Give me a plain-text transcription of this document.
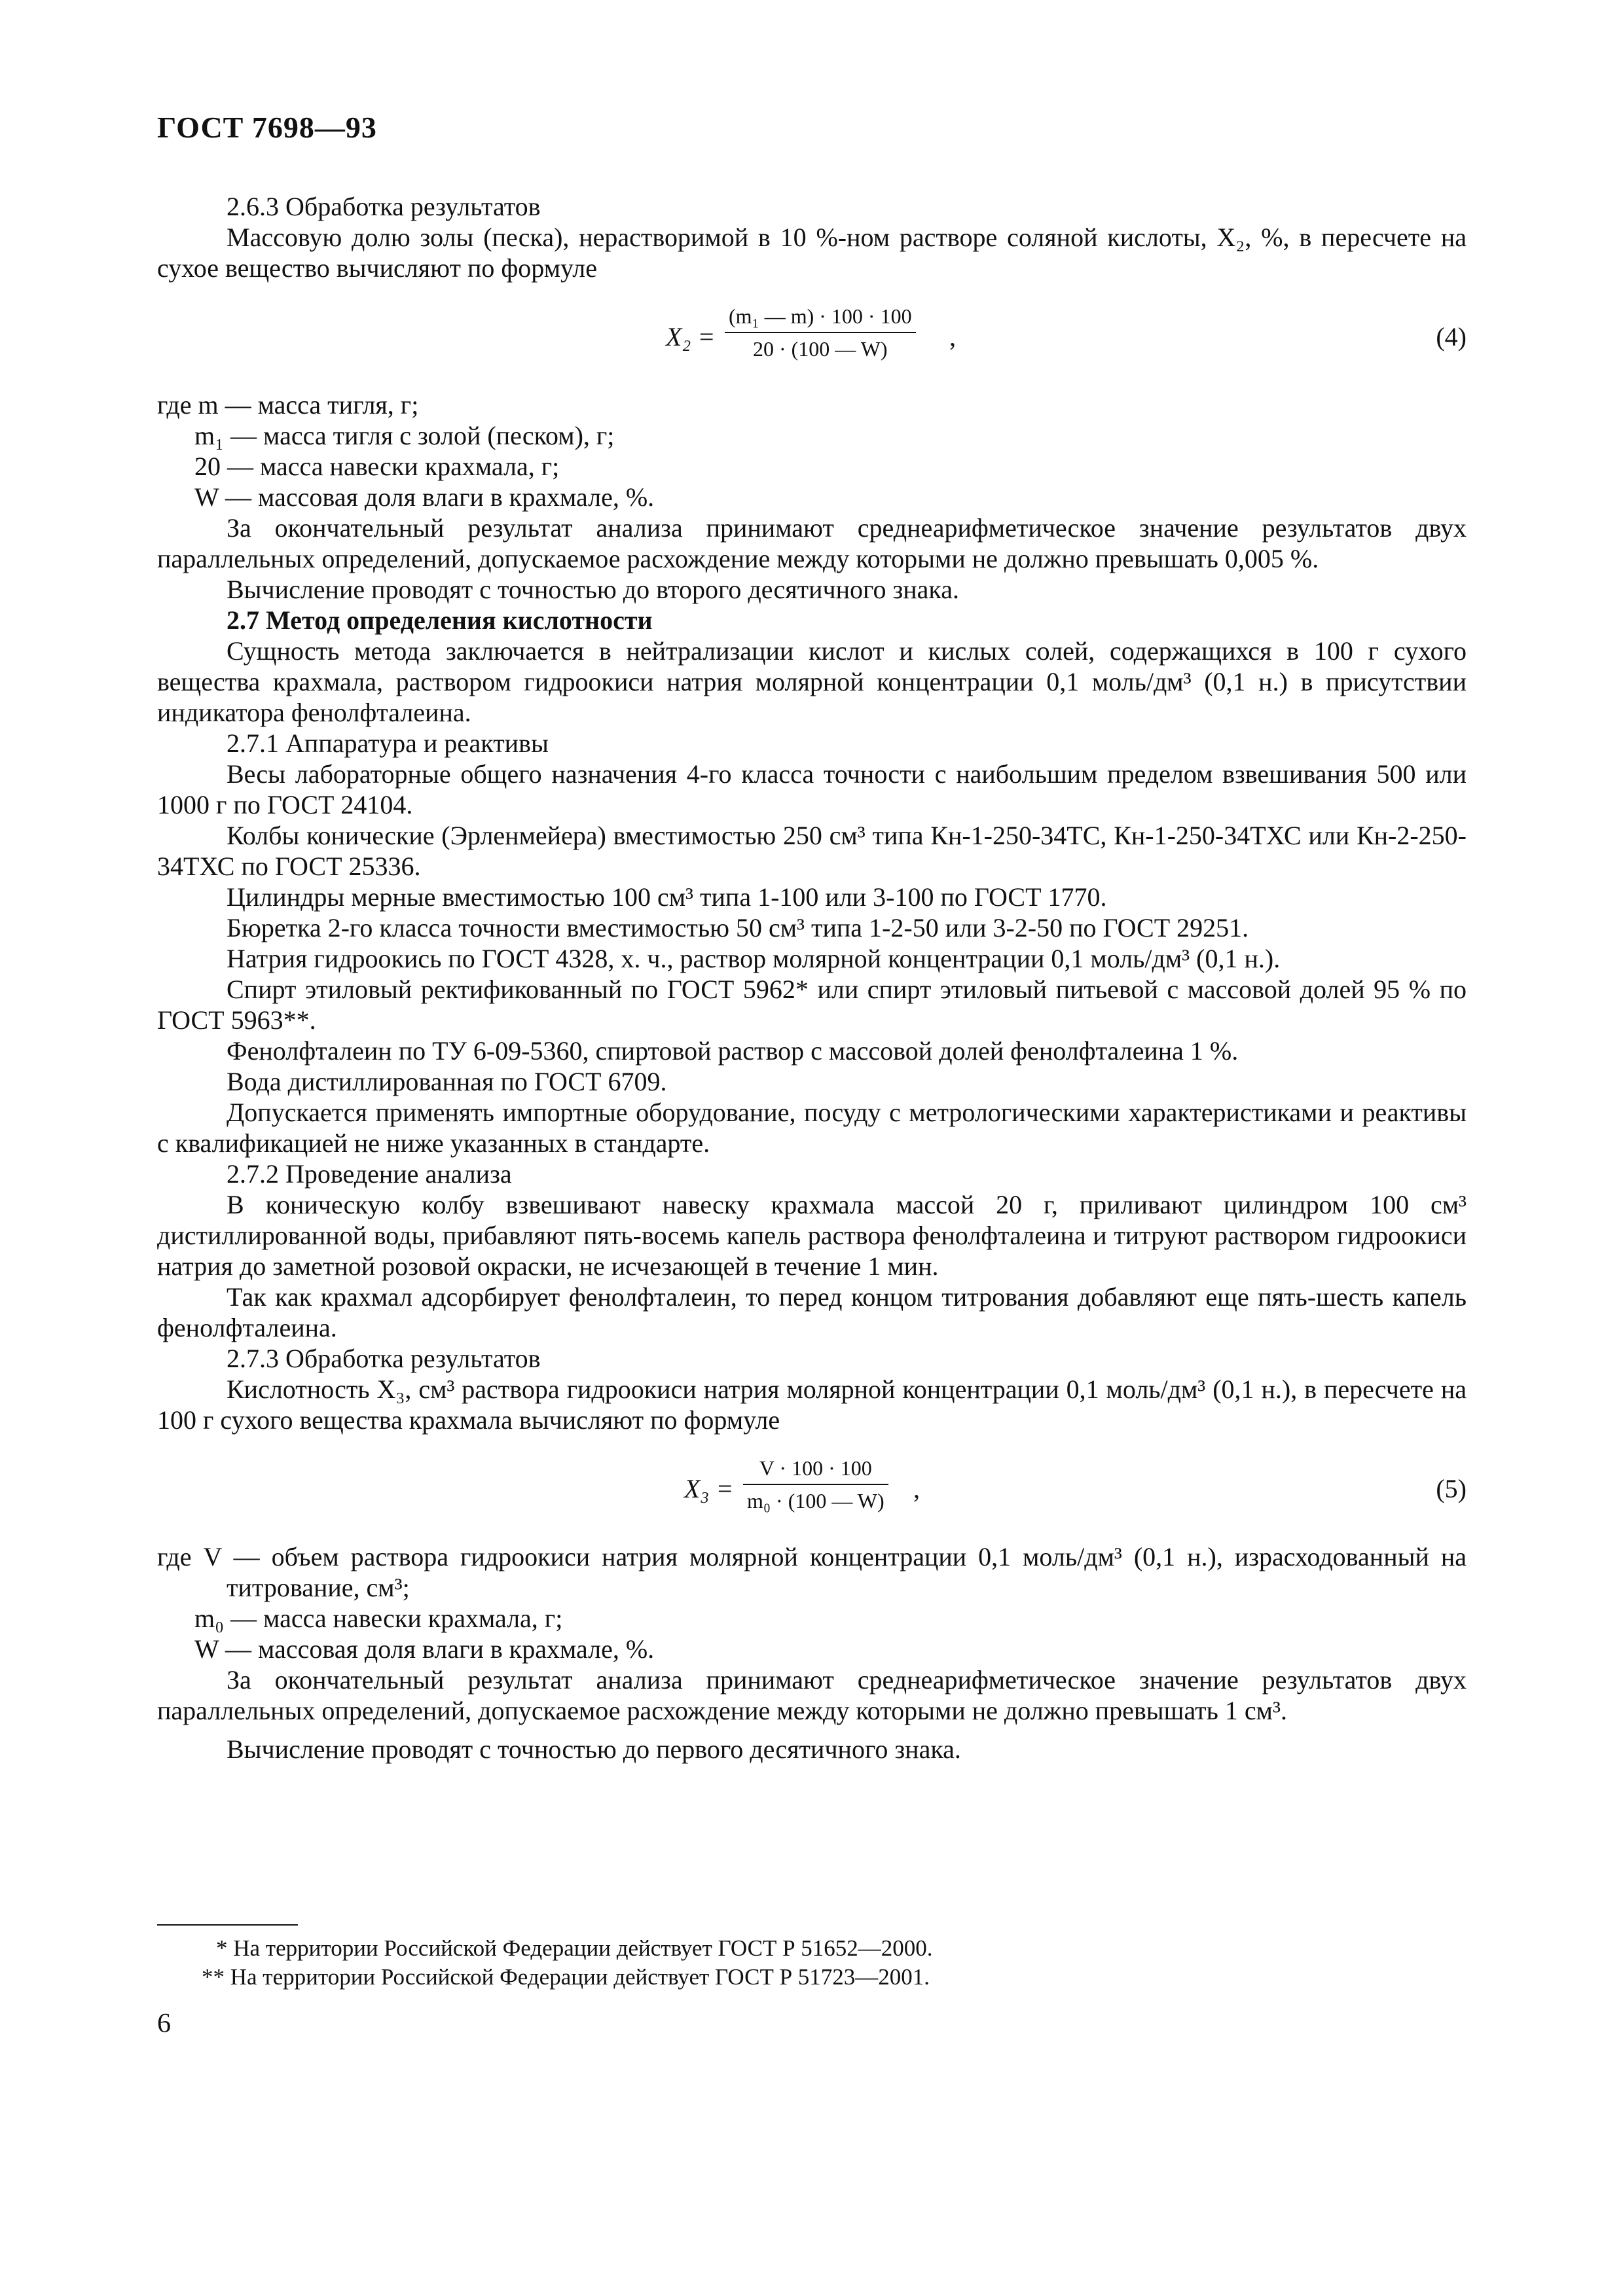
ГОСТ 7698—93

2.6.3 Обработка результатов

Массовую долю золы (песка), нерастворимой в 10 %-ном растворе соляной кислоты, X₂, %, в пересчете на сухое вещество вычисляют по формуле

$X_2 = \frac{\text{(m₁ — m) · 100 · 100}}{20 \cdot (100 — W)}$ ,	(4)

где m — масса тигля, г;

m₁ — масса тигля с золой (песком), г;

20 — масса навески крахмала, г;

W — массовая доля влаги в крахмале, %.

За окончательный результат анализа принимают среднеарифметическое значение результатов двух параллельных определений, допускаемое расхождение между которыми не должно превышать 0,005 %.

Вычисление проводят с точностью до второго десятичного знака.

2.7 Метод определения кислотности

Сущность метода заключается в нейтрализации кислот и кислых солей, содержащихся в 100 г сухого вещества крахмала, раствором гидроокиси натрия молярной концентрации 0,1 моль/дм³ (0,1 н.) в присутствии индикатора фенолфталеина.

2.7.1 Аппаратура и реактивы

Весы лабораторные общего назначения 4-го класса точности с наибольшим пределом взвешивания 500 или 1000 г по ГОСТ 24104.

Колбы конические (Эрленмейера) вместимостью 250 см³ типа Кн-1-250-34ТС, Кн-1-250-34ТХС или Кн-2-250-34ТХС по ГОСТ 25336.

Цилиндры мерные вместимостью 100 см³ типа 1-100 или 3-100 по ГОСТ 1770.

Бюретка 2-го класса точности вместимостью 50 см³ типа 1-2-50 или 3-2-50 по ГОСТ 29251.

Натрия гидроокись по ГОСТ 4328, х. ч., раствор молярной концентрации 0,1 моль/дм³ (0,1 н.).

Спирт этиловый ректификованный по ГОСТ 5962* или спирт этиловый питьевой с массовой долей 95 % по ГОСТ 5963**.

Фенолфталеин по ТУ 6-09-5360, спиртовой раствор с массовой долей фенолфталеина 1 %.

Вода дистиллированная по ГОСТ 6709.

Допускается применять импортные оборудование, посуду с метрологическими характеристиками и реактивы с квалификацией не ниже указанных в стандарте.

2.7.2 Проведение анализа

В коническую колбу взвешивают навеску крахмала массой 20 г, приливают цилиндром 100 см³ дистиллированной воды, прибавляют пять-восемь капель раствора фенолфталеина и титруют раствором гидроокиси натрия до заметной розовой окраски, не исчезающей в течение 1 мин.

Так как крахмал адсорбирует фенолфталеин, то перед концом титрования добавляют еще пять-шесть капель фенолфталеина.

2.7.3 Обработка результатов

Кислотность X₃, см³ раствора гидроокиси натрия молярной концентрации 0,1 моль/дм³ (0,1 н.), в пересчете на 100 г сухого вещества крахмала вычисляют по формуле

$X_3 = \frac{V \cdot 100 \cdot 100}{\text{m₀ · (100 — W)}}$ ,	(5)

где V — объем раствора гидроокиси натрия молярной концентрации 0,1 моль/дм³ (0,1 н.), израсходованный на титрование, см³;

m₀ — масса навески крахмала, г;

W — массовая доля влаги в крахмале, %.

За окончательный результат анализа принимают среднеарифметическое значение результатов двух параллельных определений, допускаемое расхождение между которыми не должно превышать 1 см³.

Вычисление проводят с точностью до первого десятичного знака.

* На территории Российской Федерации действует ГОСТ Р 51652—2000.
** На территории Российской Федерации действует ГОСТ Р 51723—2001.
6
